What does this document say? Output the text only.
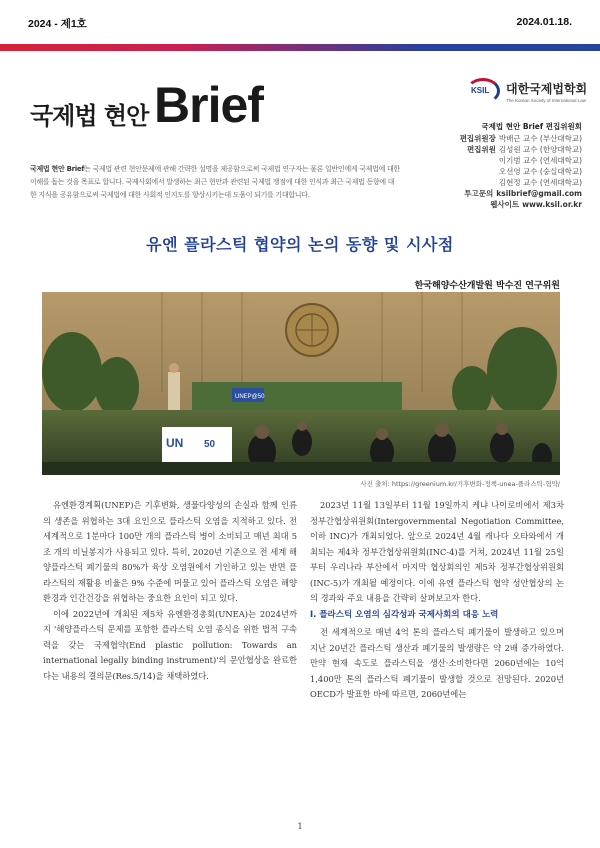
2024 - 제1호	2024.01.18.
국제법 현안 Brief
국제법 현안 Brief는 국제법 관련 현안문제에 관해 간략한 설명을 제공함으로써 국제법 연구자는 물론 일반인에게 국제법에 대한 이해를 돕는 것을 목표로 합니다. 국제사회에서 발생하는 최근 현안과 관련된 국제법 쟁점에 대한 인식과 최근 국제법 동향에 대한 지식을 공유함으로써 국제법에 대한 사회적 인지도를 향상시키는데 도움이 되기를 기대합니다.
KSIL 대한국제법학회
The Korean Society of International Law
국제법 현안 Brief 편집위원회
편집위원장 박배근 교수 (부산대학교)
편집위원 김성원 교수 (한양대학교)
이기범 교수 (연세대학교)
오선영 교수 (숭실대학교)
김현정 교수 (연세대학교)
투고문의 ksilbrief@gmail.com
웹사이트 www.ksil.or.kr
유엔 플라스틱 협약의 논의 동향 및 시사점
한국해양수산개발원 박수진 연구위원
UNEP@50
UN 50
사진 출처: https://greenium.kr/기후변화-정책-unea-플라스틱-협약/

유엔환경계획(UNEP)은 기후변화, 생물다양성의 손실과 함께 인류의 생존을 위협하는 3대 요인으로 플라스틱 오염을 지적하고 있다. 전 세계적으로 1분마다 100만 개의 플라스틱 병이 소비되고 매년 최대 5조 개의 비닐봉지가 사용되고 있다. 특히, 2020년 기준으로 전 세계 해양플라스틱 폐기물의 80%가 육상 오염원에서 기인하고 있는 반면 플라스틱의 재활용 비율은 9% 수준에 머물고 있어 플라스틱 오염은 해양환경과 인간건강을 위협하는 중요한 요인이 되고 있다.

이에 2022년에 개최된 제5차 유엔환경총회(UNEA)는 2024년까지 '해양플라스틱 문제를 포함한 플라스틱 오염 종식을 위한 법적 구속력을 갖는 국제협약(End plastic pollution: Towards an international legally binding instrument)'의 문안협상을 완료한다는 내용의 결의문(Res.5/14)을 채택하였다.

2023년 11월 13일부터 11월 19일까지 케냐 나이로비에서 제3차 정부간협상위원회(Intergovernmental Negotiation Committee, 이하 INC)가 개최되었다. 앞으로 2024년 4월 캐나다 오타와에서 개최되는 제4차 정부간협상위원회(INC-4)를 거쳐, 2024년 11월 25일부터 우리나라 부산에서 마지막 협상회의인 제5차 정부간협상위원회(INC-5)가 개최될 예정이다. 이에 유엔 플라스틱 협약 성안협상의 논의 경과와 주요 내용을 간략히 살펴보고자 한다.

Ⅰ. 플라스틱 오염의 심각성과 국제사회의 대응 노력

전 세계적으로 매년 4억 톤의 플라스틱 폐기물이 발생하고 있으며 지난 20년간 플라스틱 생산과 폐기물의 발생량은 약 2배 증가하였다. 만약 현재 속도로 플라스틱을 생산·소비한다면 2060년에는 10억 1,400만 톤의 플라스틱 폐기물이 발생할 것으로 전망된다. 2020년 OECD가 발표한 바에 따르면, 2060년에는

1
